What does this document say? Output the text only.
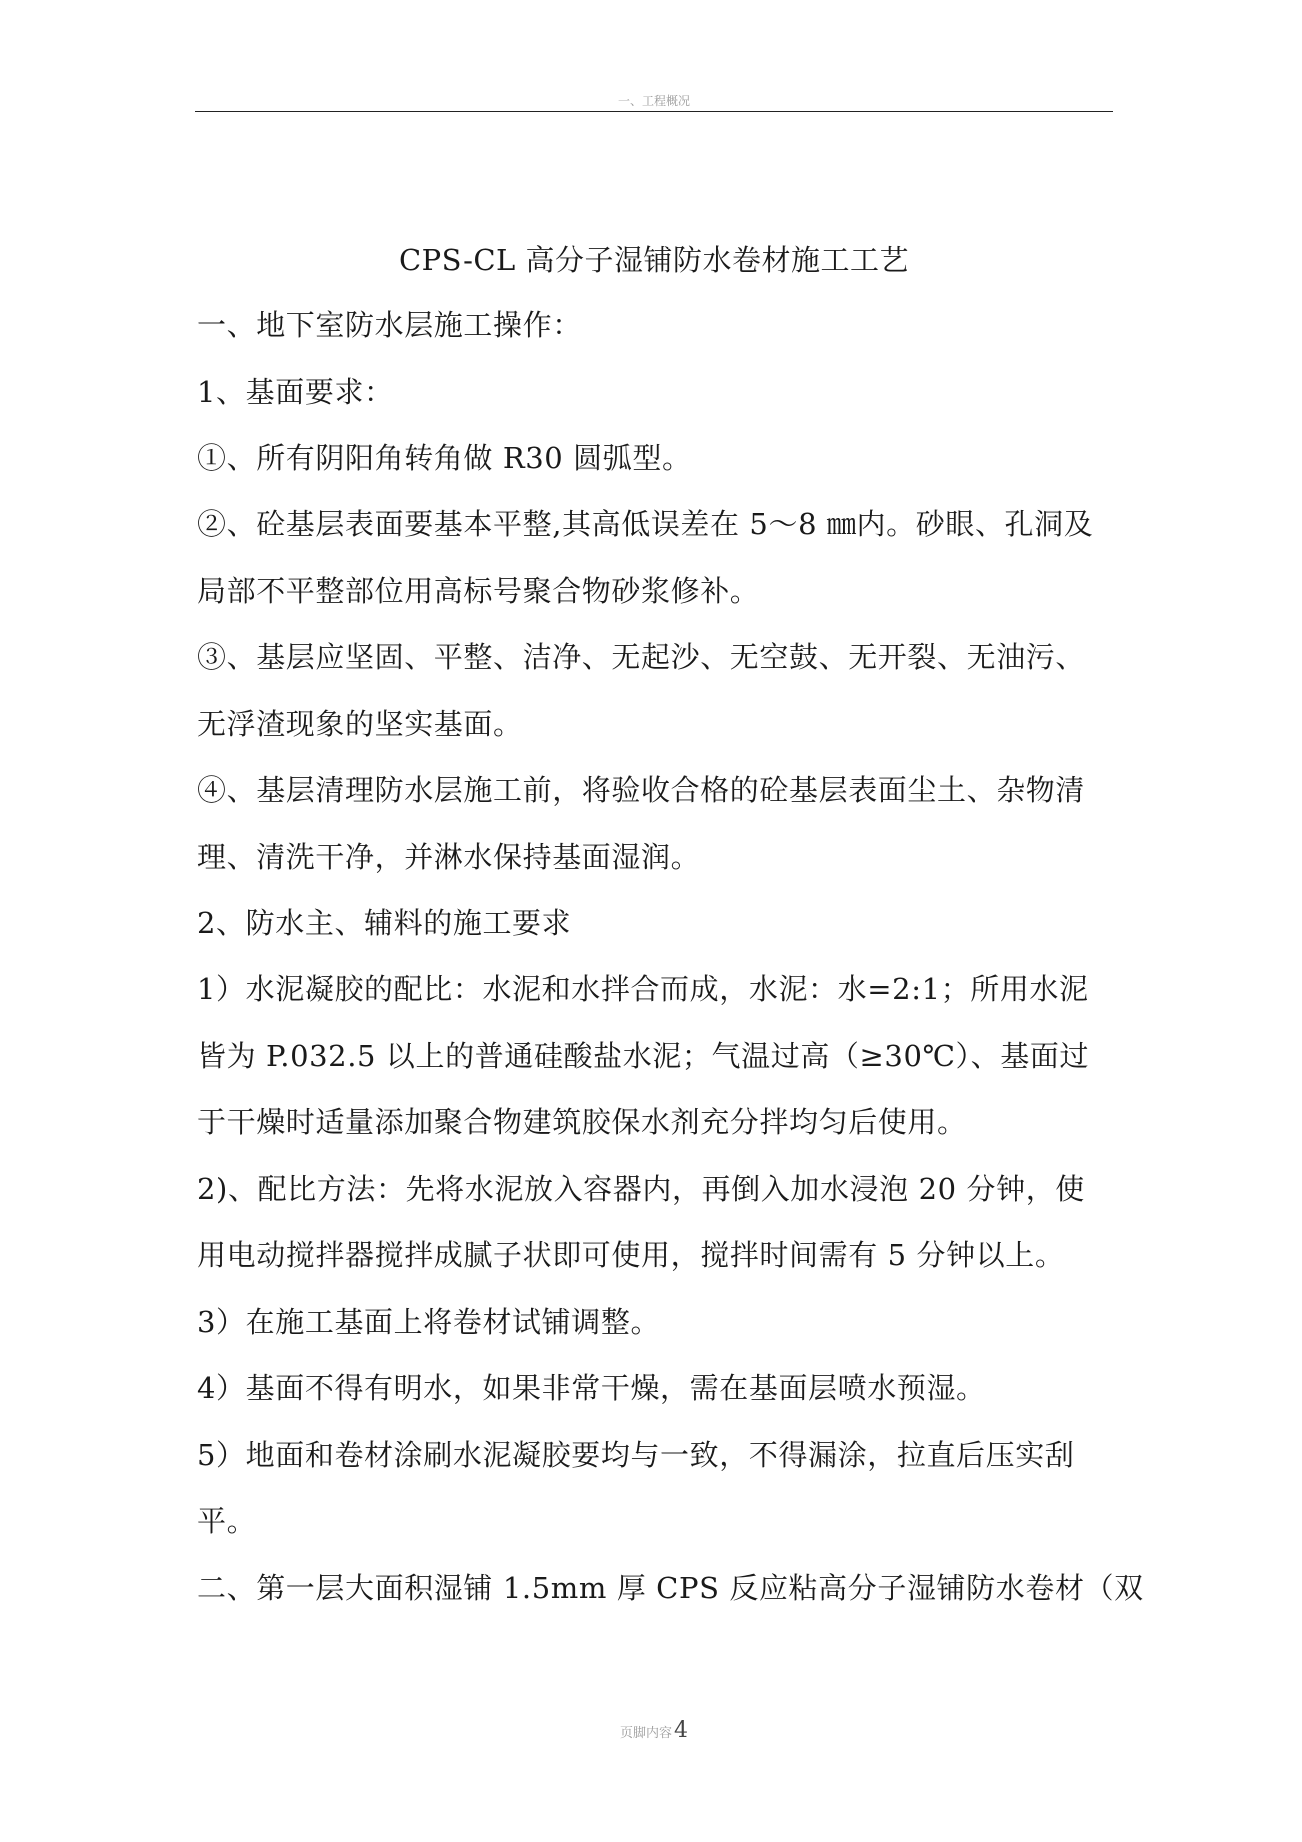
一、工程概况
CPS-CL 高分子湿铺防水卷材施工工艺
一、地下室防水层施工操作：
1、基面要求：
①、所有阴阳角转角做 R30 圆弧型。
②、砼基层表面要基本平整,其高低误差在 5～8 ㎜内。砂眼、孔洞及
局部不平整部位用高标号聚合物砂浆修补。
③、基层应坚固、平整、洁净、无起沙、无空鼓、无开裂、无油污、
无浮渣现象的坚实基面。
④、基层清理防水层施工前，将验收合格的砼基层表面尘土、杂物清
理、清洗干净，并淋水保持基面湿润。
2、防水主、辅料的施工要求
1）水泥凝胶的配比：水泥和水拌合而成，水泥：水=2:1；所用水泥
皆为 P.032.5 以上的普通硅酸盐水泥；气温过高（≥30℃）、基面过
于干燥时适量添加聚合物建筑胶保水剂充分拌均匀后使用。
2)、配比方法：先将水泥放入容器内，再倒入加水浸泡 20 分钟，使
用电动搅拌器搅拌成腻子状即可使用，搅拌时间需有 5 分钟以上。
3）在施工基面上将卷材试铺调整。
4）基面不得有明水，如果非常干燥，需在基面层喷水预湿。
5）地面和卷材涂刷水泥凝胶要均与一致，不得漏涂，拉直后压实刮
平。
二、第一层大面积湿铺 1.5mm 厚 CPS 反应粘高分子湿铺防水卷材（双
页脚内容4
